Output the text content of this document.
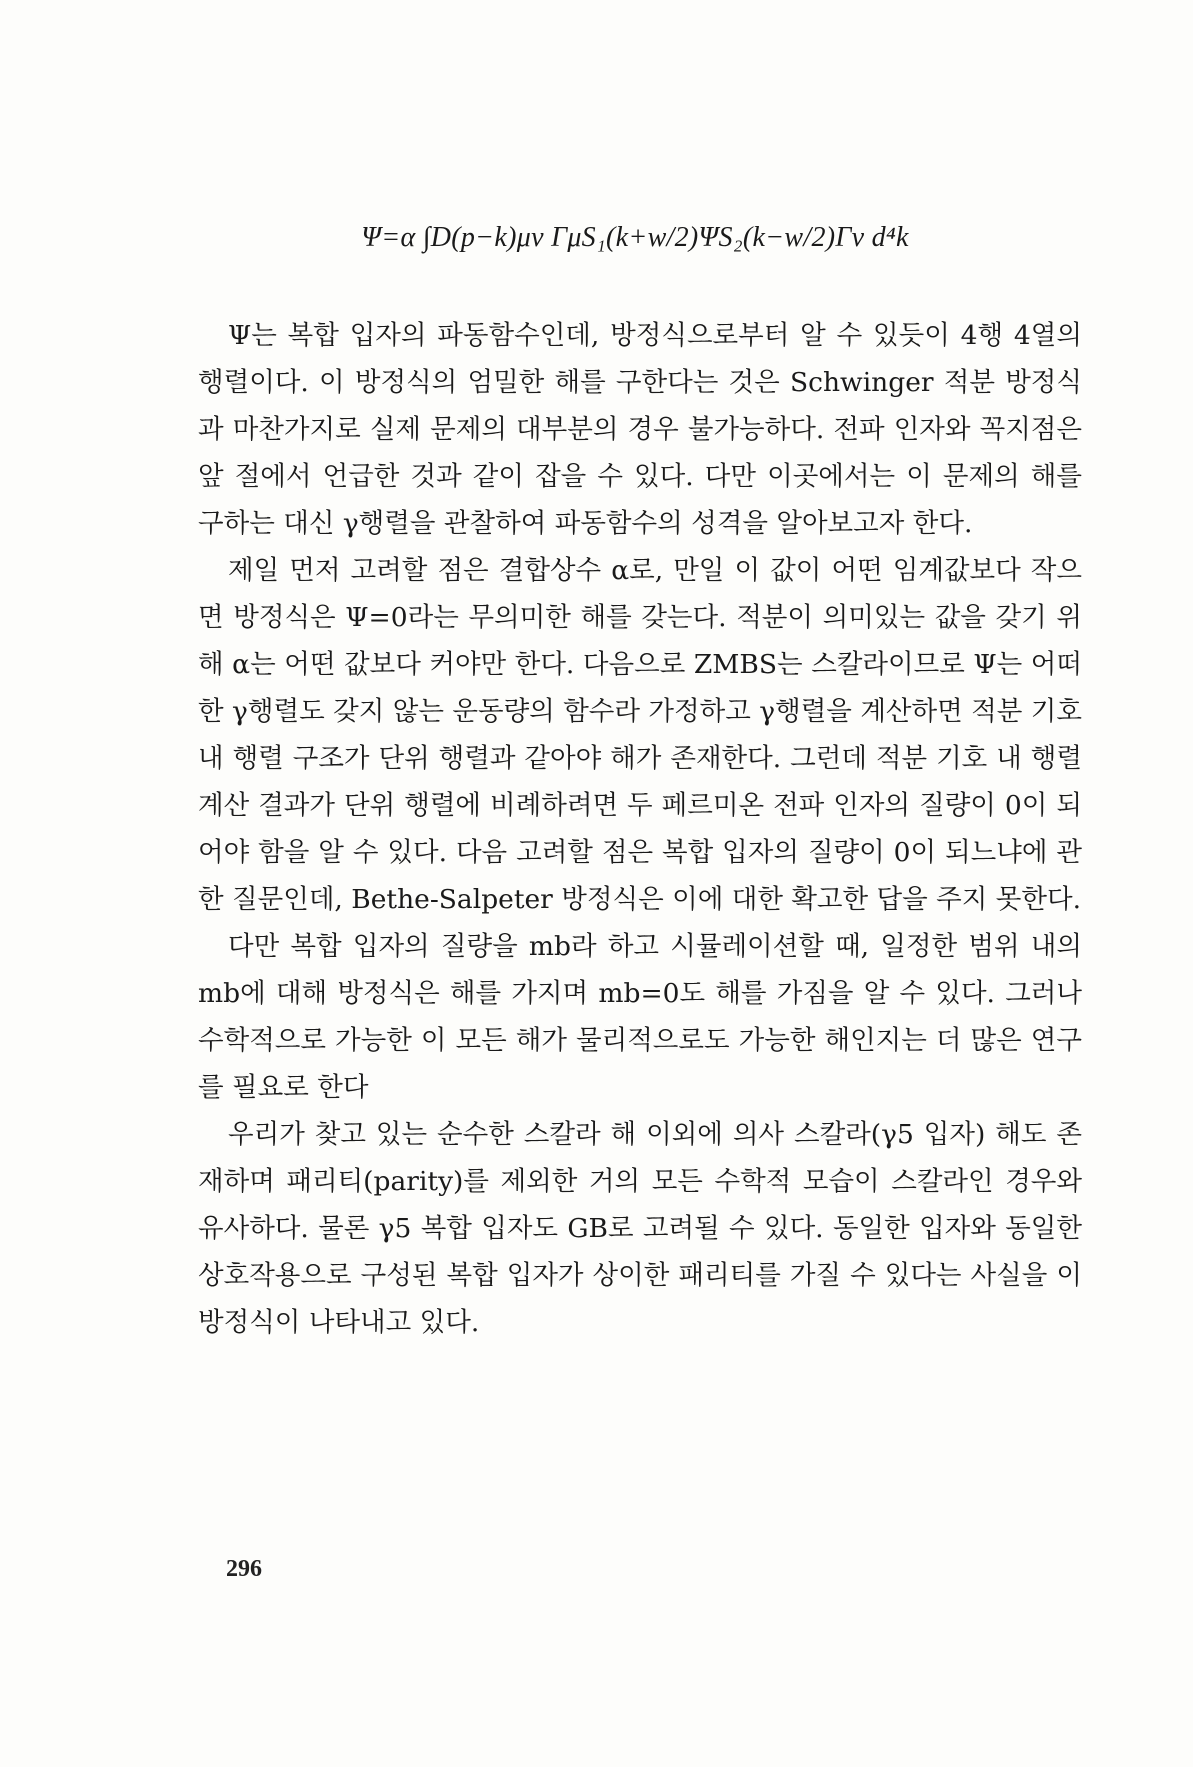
Ψ=α ∫D(p−k)μν ΓμS₁(k+w/2)ΨS₂(k−w/2)Γν d⁴k

Ψ는 복합 입자의 파동함수인데, 방정식으로부터 알 수 있듯이 4행 4열의 행렬이다. 이 방정식의 엄밀한 해를 구한다는 것은 Schwinger 적분 방정식과 마찬가지로 실제 문제의 대부분의 경우 불가능하다. 전파 인자와 꼭지점은 앞 절에서 언급한 것과 같이 잡을 수 있다. 다만 이곳에서는 이 문제의 해를 구하는 대신 γ행렬을 관찰하여 파동함수의 성격을 알아보고자 한다.

제일 먼저 고려할 점은 결합상수 α로, 만일 이 값이 어떤 임계값보다 작으면 방정식은 Ψ=0라는 무의미한 해를 갖는다. 적분이 의미있는 값을 갖기 위해 α는 어떤 값보다 커야만 한다. 다음으로 ZMBS는 스칼라이므로 Ψ는 어떠한 γ행렬도 갖지 않는 운동량의 함수라 가정하고 γ행렬을 계산하면 적분 기호 내 행렬 구조가 단위 행렬과 같아야 해가 존재한다. 그런데 적분 기호 내 행렬 계산 결과가 단위 행렬에 비례하려면 두 페르미온 전파 인자의 질량이 0이 되어야 함을 알 수 있다. 다음 고려할 점은 복합 입자의 질량이 0이 되느냐에 관한 질문인데, Bethe-Salpeter 방정식은 이에 대한 확고한 답을 주지 못한다.

다만 복합 입자의 질량을 mb라 하고 시뮬레이션할 때, 일정한 범위 내의 mb에 대해 방정식은 해를 가지며 mb=0도 해를 가짐을 알 수 있다. 그러나 수학적으로 가능한 이 모든 해가 물리적으로도 가능한 해인지는 더 많은 연구를 필요로 한다

우리가 찾고 있는 순수한 스칼라 해 이외에 의사 스칼라(γ5 입자) 해도 존재하며 패리티(parity)를 제외한 거의 모든 수학적 모습이 스칼라인 경우와 유사하다. 물론 γ5 복합 입자도 GB로 고려될 수 있다. 동일한 입자와 동일한 상호작용으로 구성된 복합 입자가 상이한 패리티를 가질 수 있다는 사실을 이 방정식이 나타내고 있다.

296
